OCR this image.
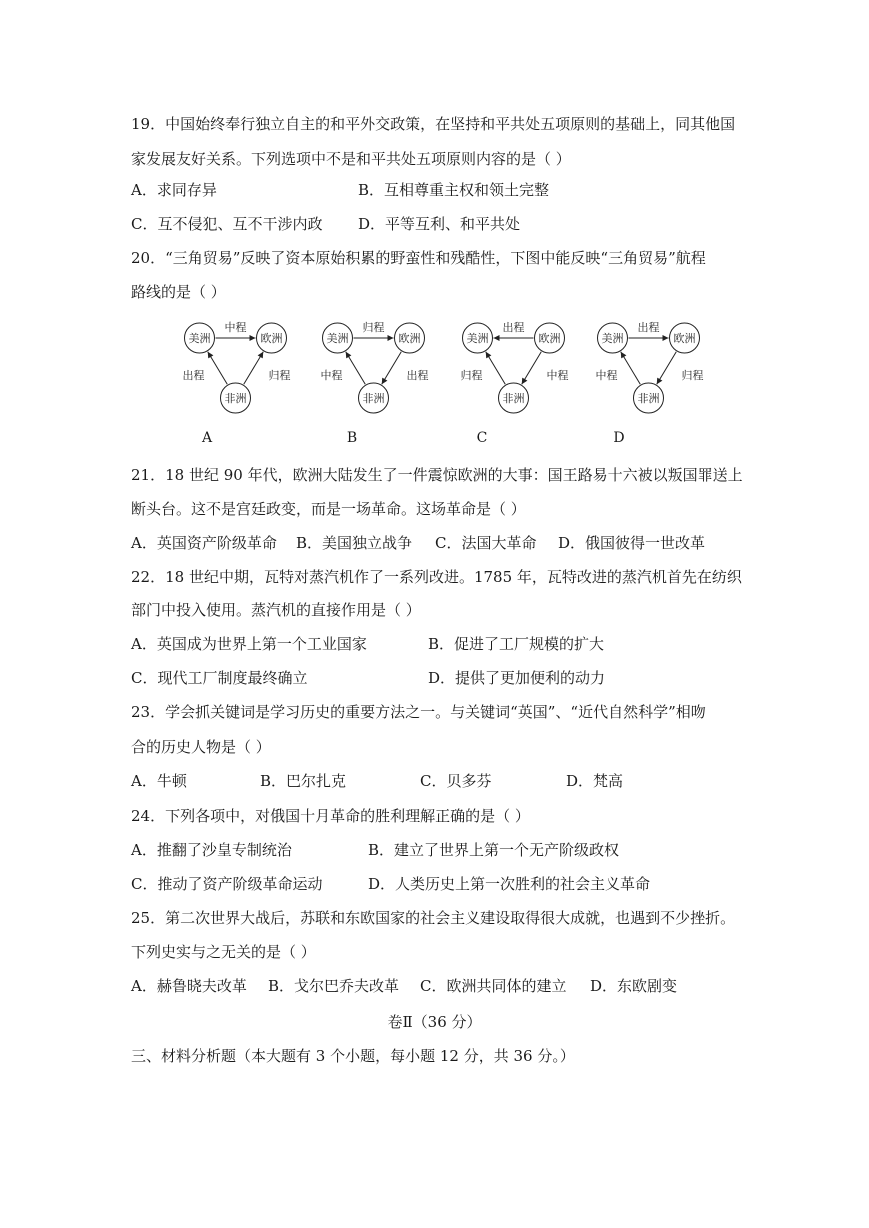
19．中国始终奉行独立自主的和平外交政策，在坚持和平共处五项原则的基础上，同其他国
家发展友好关系。下列选项中不是和平共处五项原则内容的是（ ）
A．求同存异	B．互相尊重主权和领土完整
C．互不侵犯、互不干涉内政 D．平等互利、和平共处
20．“三角贸易”反映了资本原始积累的野蛮性和残酷性，下图中能反映“三角贸易”航程
路线的是（ ）
美洲	欧洲
非洲
中程
出程	归程
A
美洲	欧洲
非洲
归程
中程	出程
B
美洲	欧洲
非洲
出程
归程	中程
C
美洲	欧洲
非洲
出程
中程	归程
D
21．18 世纪 90 年代，欧洲大陆发生了一件震惊欧洲的大事：国王路易十六被以叛国罪送上
断头台。这不是宫廷政变，而是一场革命。这场革命是（ ）
A．英国资产阶级革命 B．美国独立战争 C．法国大革命 D．俄国彼得一世改革
22．18 世纪中期，瓦特对蒸汽机作了一系列改进。1785 年，瓦特改进的蒸汽机首先在纺织
部门中投入使用。蒸汽机的直接作用是（ ）
A．英国成为世界上第一个工业国家	B．促进了工厂规模的扩大
C．现代工厂制度最终确立	D．提供了更加便利的动力
23．学会抓关键词是学习历史的重要方法之一。与关键词“英国”、“近代自然科学”相吻
合的历史人物是（ ）
A．牛顿	B．巴尔扎克	C．贝多芬	D．梵高
24．下列各项中，对俄国十月革命的胜利理解正确的是（ ）
A．推翻了沙皇专制统治	B．建立了世界上第一个无产阶级政权
C．推动了资产阶级革命运动	D．人类历史上第一次胜利的社会主义革命
25．第二次世界大战后，苏联和东欧国家的社会主义建设取得很大成就，也遇到不少挫折。
下列史实与之无关的是（ ）
A．赫鲁晓夫改革 B．戈尔巴乔夫改革 C．欧洲共同体的建立 D．东欧剧变
卷Ⅱ（36 分）
三、材料分析题（本大题有 3 个小题，每小题 12 分，共 36 分。）
